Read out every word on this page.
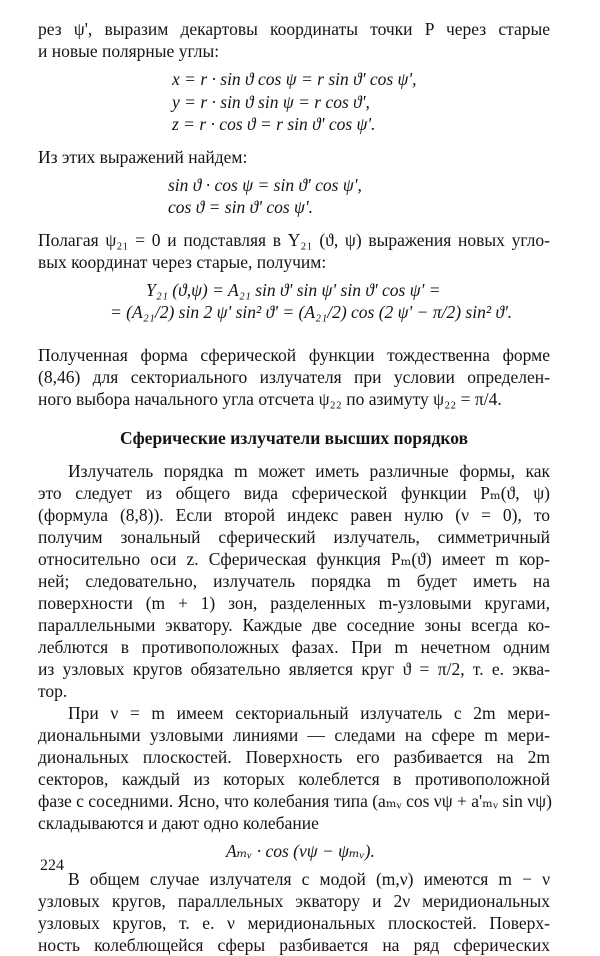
рез ψ', выразим декартовы координаты точки P через старые
и новые полярные углы:
x = r · sin ϑ cos ψ = r sin ϑ' cos ψ',
y = r · sin ϑ sin ψ = r cos ϑ',
z = r · cos ϑ = r sin ϑ' cos ψ'.
Из этих выражений найдем:
sin ϑ · cos ψ = sin ϑ' cos ψ',
cos ϑ = sin ϑ' cos ψ'.
Полагая ψ₂₁ = 0 и подставляя в Y₂₁ (ϑ, ψ) выражения новых угло-
вых координат через старые, получим:
Y₂₁ (ϑ,ψ) = A₂₁ sin ϑ' sin ψ' sin ϑ' cos ψ' =
= (A₂₁/2) sin 2 ψ' sin² ϑ' = (A₂₁/2) cos (2 ψ' − π/2) sin² ϑ'.
Полученная форма сферической функции тождественна форме
(8,46) для секториального излучателя при условии определен-
ного выбора начального угла отсчета ψ₂₂ по азимуту ψ₂₂ = π/4.
Сферические излучатели высших порядков
Излучатель порядка m может иметь различные формы, как
это следует из общего вида сферической функции Pₘ(ϑ, ψ)
(формула (8,8)). Если второй индекс равен нулю (ν = 0), то
получим зональный сферический излучатель, симметричный
относительно оси z. Сферическая функция Pₘ(ϑ) имеет m кор-
ней; следовательно, излучатель порядка m будет иметь на
поверхности (m + 1) зон, разделенных m-узловыми кругами,
параллельными экватору. Каждые две соседние зоны всегда ко-
леблются в противоположных фазах. При m нечетном одним
из узловых кругов обязательно является круг ϑ = π/2, т. е. эква-
тор.
При ν = m имеем секториальный излучатель с 2m мери-
диональными узловыми линиями — следами на сфере m мери-
диональных плоскостей. Поверхность его разбивается на 2m
секторов, каждый из которых колеблется в противоположной
фазе с соседними. Ясно, что колебания типа (aₘᵥ cos νψ + a'ₘᵥ sin νψ)
складываются и дают одно колебание
Aₘᵥ · cos (νψ − ψₘᵥ).
В общем случае излучателя с модой (m,ν) имеются m − ν
узловых кругов, параллельных экватору и 2ν меридиональных
узловых кругов, т. е. ν меридиональных плоскостей. Поверх-
ность колеблющейся сферы разбивается на ряд сферических
224
